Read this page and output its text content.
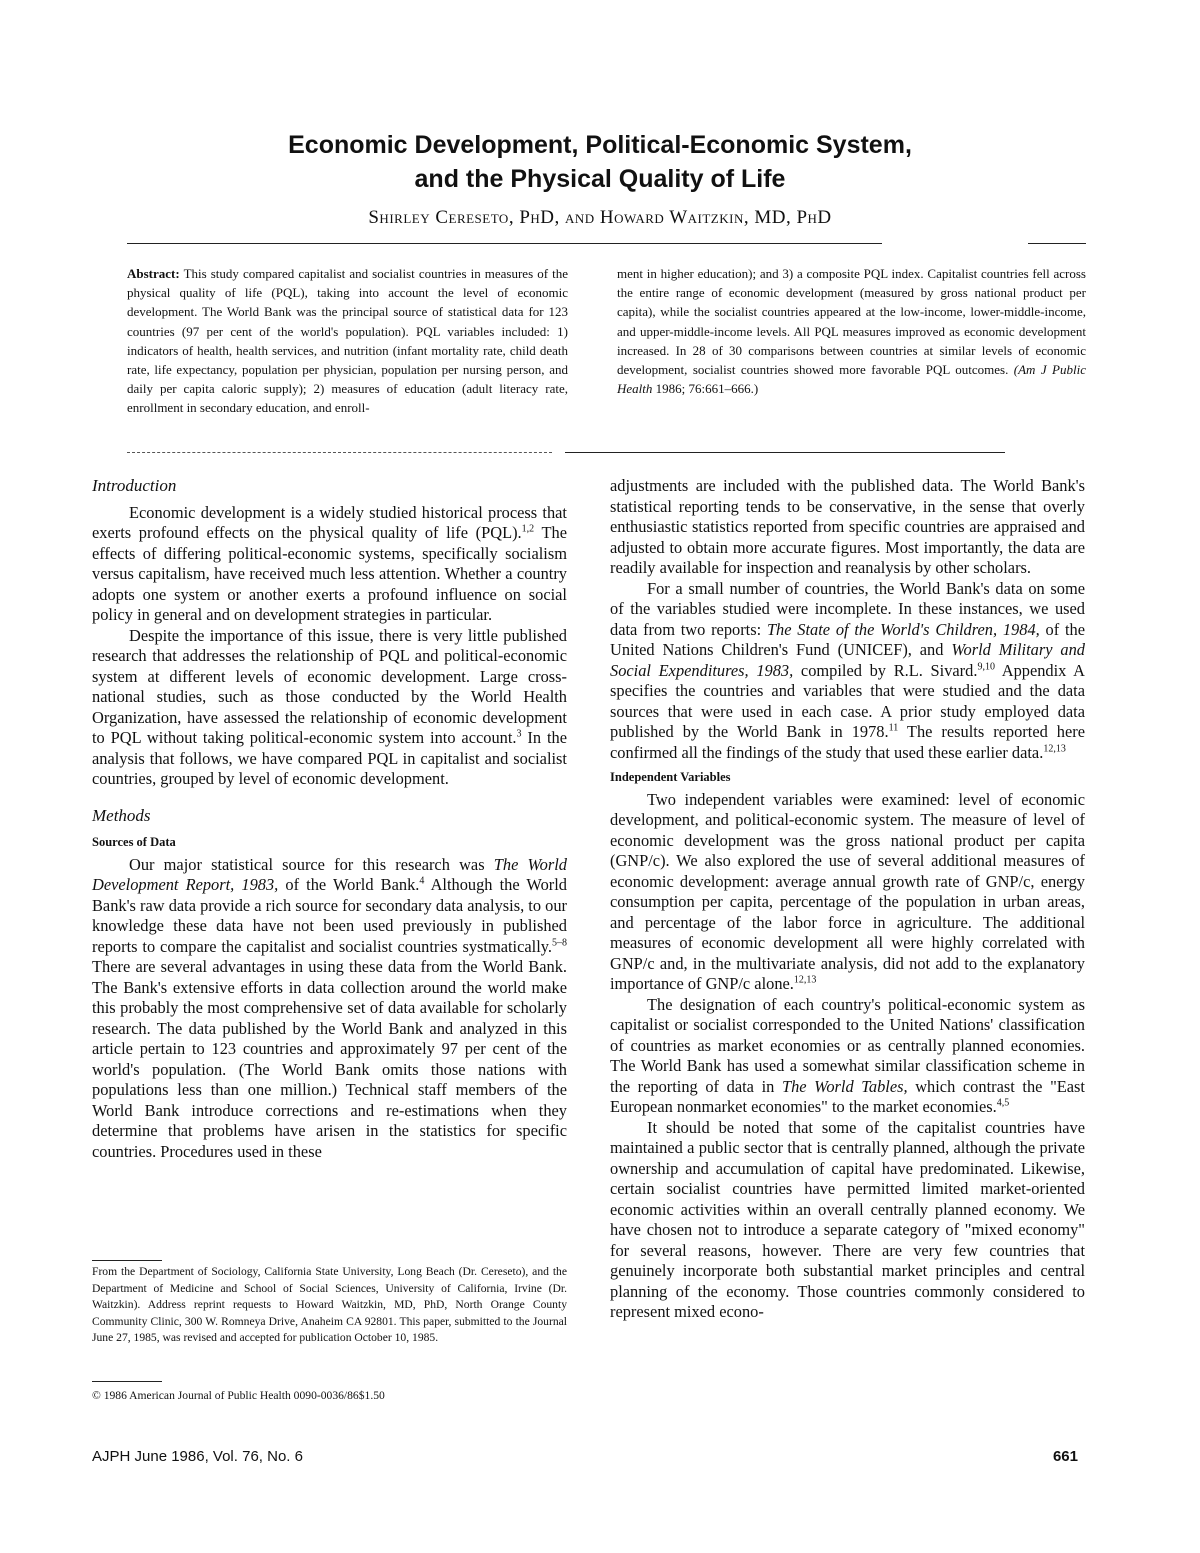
Economic Development, Political-Economic System,
and the Physical Quality of Life

Shirley Cereseto, PhD, and Howard Waitzkin, MD, PhD

Abstract: This study compared capitalist and socialist countries in measures of the physical quality of life (PQL), taking into account the level of economic development. The World Bank was the principal source of statistical data for 123 countries (97 per cent of the world's population). PQL variables included: 1) indicators of health, health services, and nutrition (infant mortality rate, child death rate, life expectancy, population per physician, population per nursing person, and daily per capita caloric supply); 2) measures of education (adult literacy rate, enrollment in secondary education, and enroll-

ment in higher education); and 3) a composite PQL index. Capitalist countries fell across the entire range of economic development (measured by gross national product per capita), while the socialist countries appeared at the low-income, lower-middle-income, and upper-middle-income levels. All PQL measures improved as economic development increased. In 28 of 30 comparisons between countries at similar levels of economic development, socialist countries showed more favorable PQL outcomes. (Am J Public Health 1986; 76:661–666.)

Introduction

Economic development is a widely studied historical process that exerts profound effects on the physical quality of life (PQL).$^{1,2}$ The effects of differing political-economic systems, specifically socialism versus capitalism, have received much less attention. Whether a country adopts one system or another exerts a profound influence on social policy in general and on development strategies in particular.

Despite the importance of this issue, there is very little published research that addresses the relationship of PQL and political-economic system at different levels of economic development. Large cross-national studies, such as those conducted by the World Health Organization, have assessed the relationship of economic development to PQL without taking political-economic system into account.$^3$ In the analysis that follows, we have compared PQL in capitalist and socialist countries, grouped by level of economic development.

Methods
Sources of Data

Our major statistical source for this research was The World Development Report, 1983, of the World Bank.$^4$ Although the World Bank's raw data provide a rich source for secondary data analysis, to our knowledge these data have not been used previously in published reports to compare the capitalist and socialist countries systmatically.$^{5-8}$ There are several advantages in using these data from the World Bank. The Bank's extensive efforts in data collection around the world make this probably the most comprehensive set of data available for scholarly research. The data published by the World Bank and analyzed in this article pertain to 123 countries and approximately 97 per cent of the world's population. (The World Bank omits those nations with populations less than one million.) Technical staff members of the World Bank introduce corrections and re-estimations when they determine that problems have arisen in the statistics for specific countries. Procedures used in these

From the Department of Sociology, California State University, Long Beach (Dr. Cereseto), and the Department of Medicine and School of Social Sciences, University of California, Irvine (Dr. Waitzkin). Address reprint requests to Howard Waitzkin, MD, PhD, North Orange County Community Clinic, 300 W. Romneya Drive, Anaheim CA 92801. This paper, submitted to the Journal June 27, 1985, was revised and accepted for publication October 10, 1985.

© 1986 American Journal of Public Health 0090-0036/86$1.50

adjustments are included with the published data. The World Bank's statistical reporting tends to be conservative, in the sense that overly enthusiastic statistics reported from specific countries are appraised and adjusted to obtain more accurate figures. Most importantly, the data are readily available for inspection and reanalysis by other scholars.

For a small number of countries, the World Bank's data on some of the variables studied were incomplete. In these instances, we used data from two reports: The State of the World's Children, 1984, of the United Nations Children's Fund (UNICEF), and World Military and Social Expenditures, 1983, compiled by R.L. Sivard.$^{9,10}$ Appendix A specifies the countries and variables that were studied and the data sources that were used in each case. A prior study employed data published by the World Bank in 1978.11 The results reported here confirmed all the findings of the study that used these earlier data.$^{12,13}$

Independent Variables

Two independent variables were examined: level of economic development, and political-economic system. The measure of level of economic development was the gross national product per capita (GNP/c). We also explored the use of several additional measures of economic development: average annual growth rate of GNP/c, energy consumption per capita, percentage of the population in urban areas, and percentage of the labor force in agriculture. The additional measures of economic development all were highly correlated with GNP/c and, in the multivariate analysis, did not add to the explanatory importance of GNP/c alone.$^{12,13}$

The designation of each country's political-economic system as capitalist or socialist corresponded to the United Nations' classification of countries as market economies or as centrally planned economies. The World Bank has used a somewhat similar classification scheme in the reporting of data in The World Tables, which contrast the "East European nonmarket economies" to the market economies.$^{4,5}$

It should be noted that some of the capitalist countries have maintained a public sector that is centrally planned, although the private ownership and accumulation of capital have predominated. Likewise, certain socialist countries have permitted limited market-oriented economic activities within an overall centrally planned economy. We have chosen not to introduce a separate category of "mixed economy" for several reasons, however. There are very few countries that genuinely incorporate both substantial market principles and central planning of the economy. Those countries commonly considered to represent mixed econo-

AJPH June 1986, Vol. 76, No. 6	661
